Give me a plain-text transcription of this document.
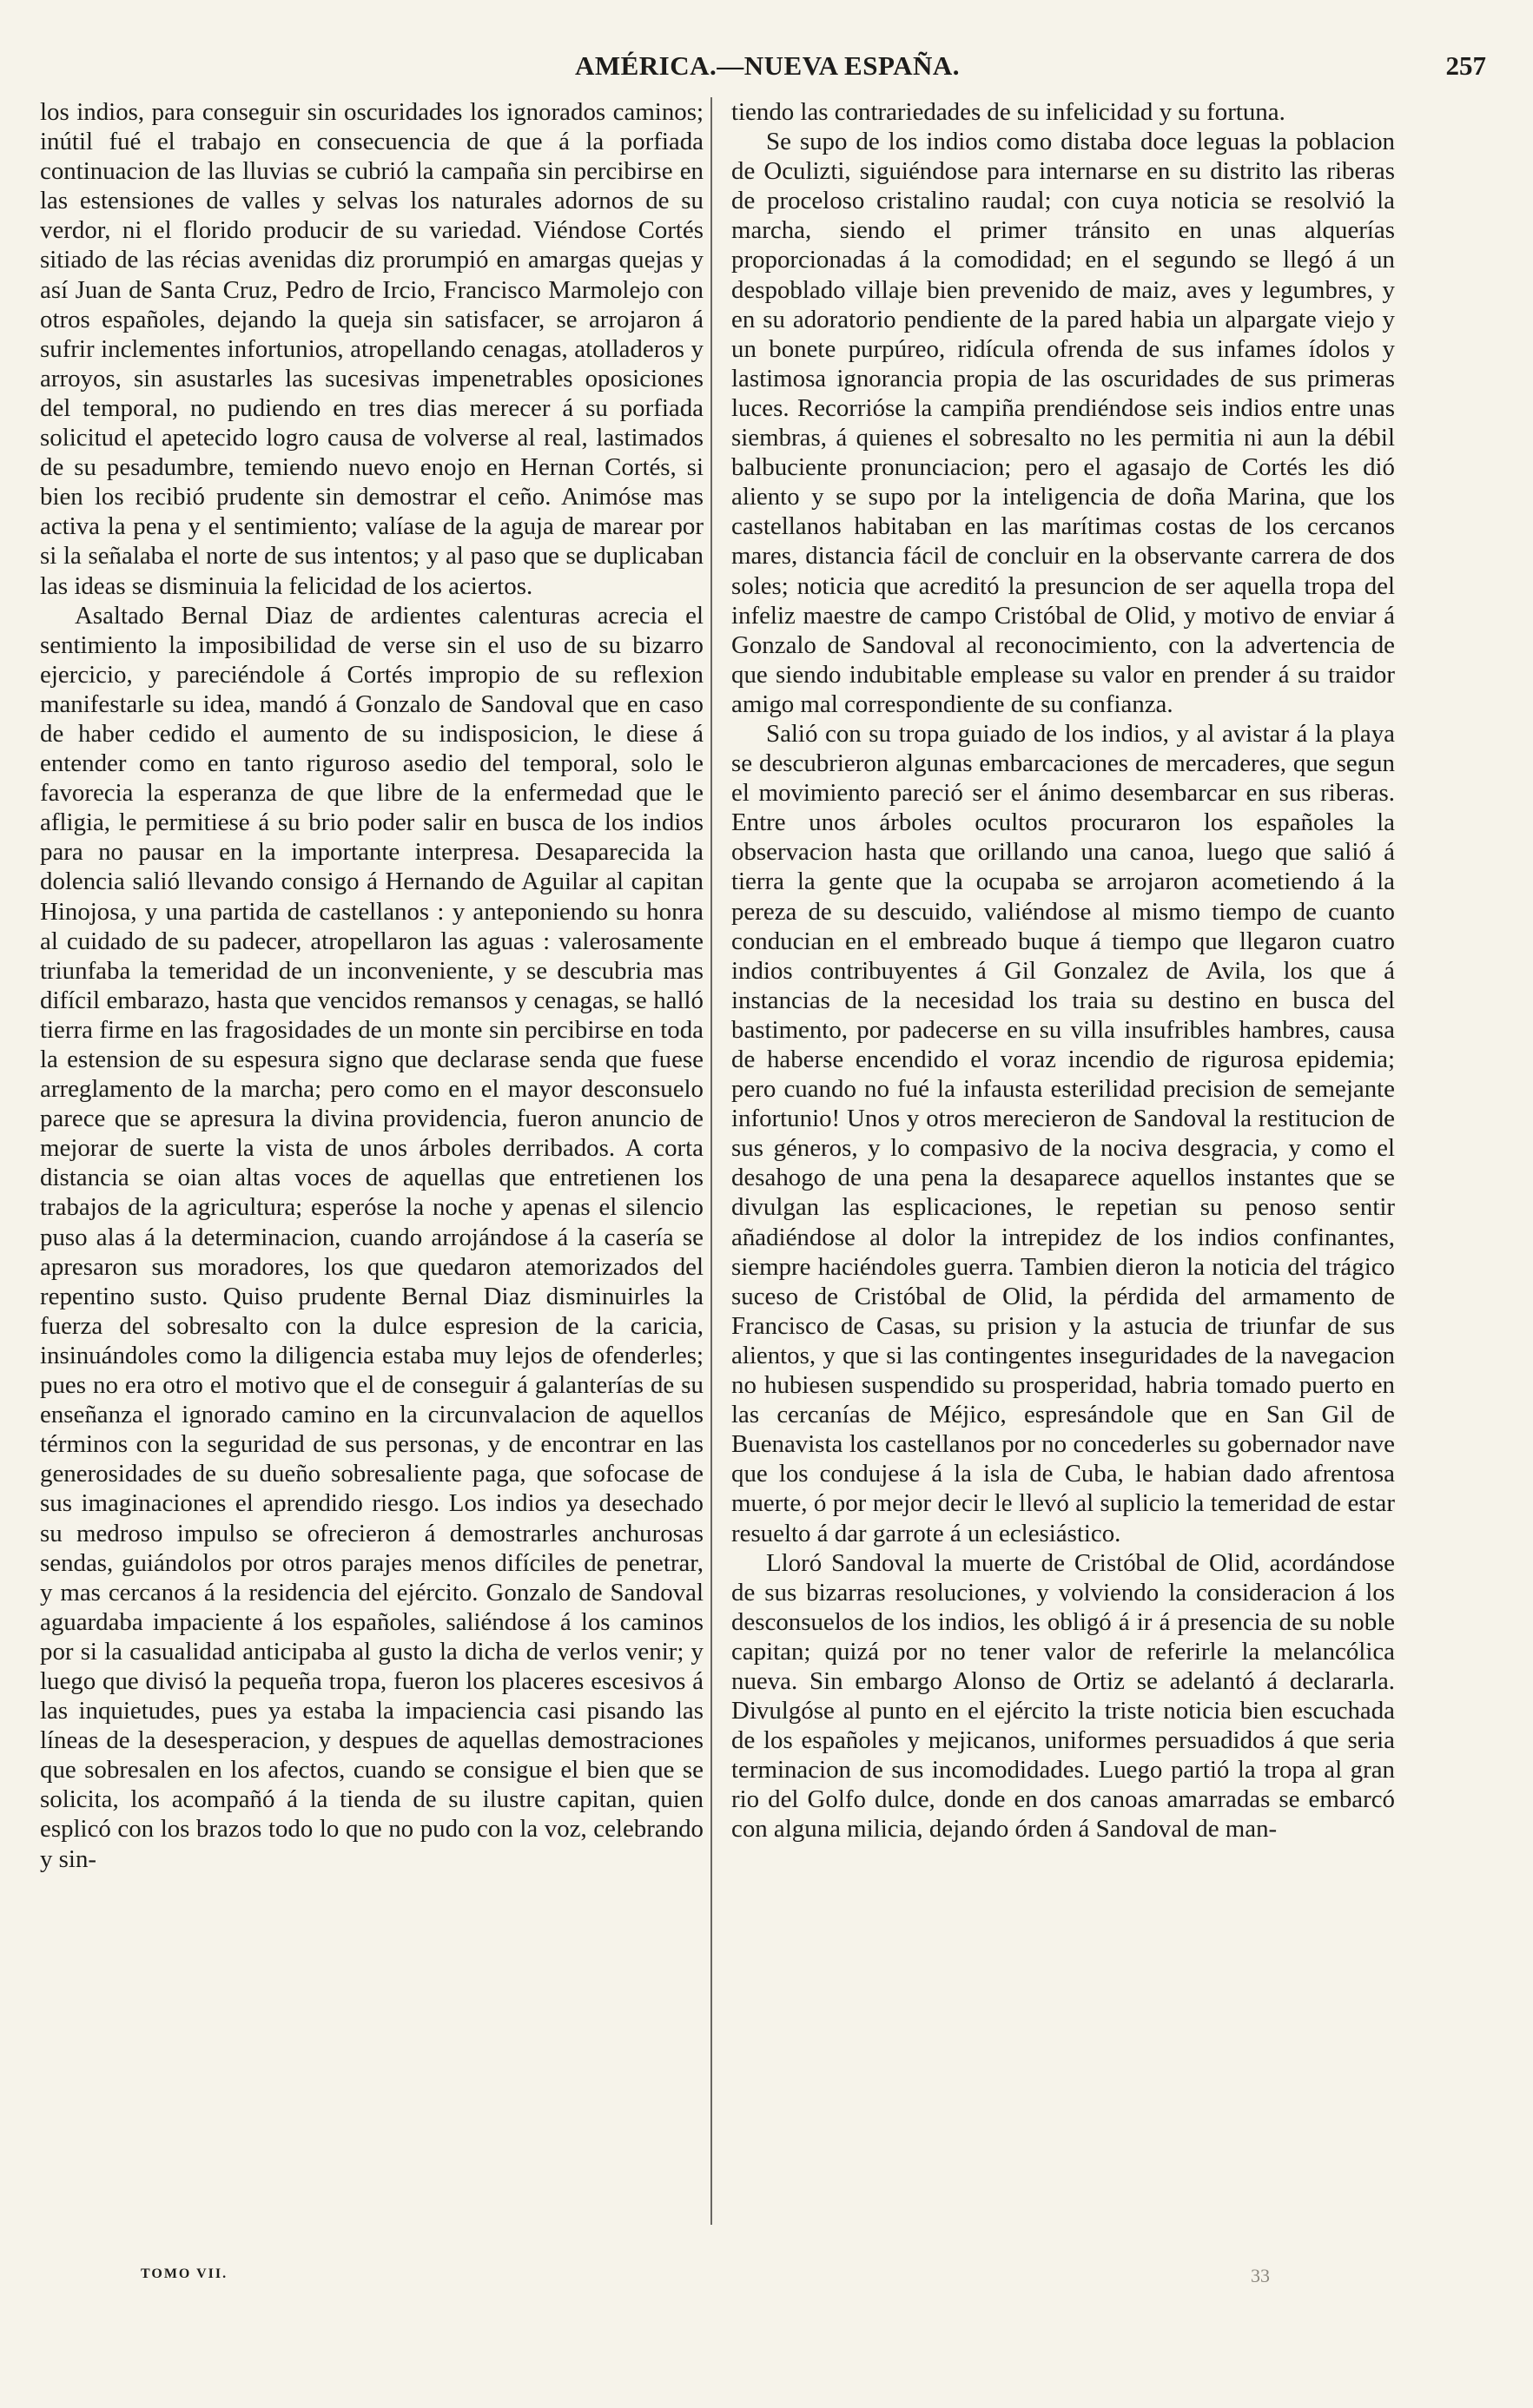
AMÉRICA.—NUEVA ESPAÑA.	257

los indios, para conseguir sin oscuridades los ignorados caminos; inútil fué el trabajo en consecuencia de que á la porfiada continuacion de las lluvias se cubrió la campaña sin percibirse en las estensiones de valles y selvas los naturales adornos de su verdor, ni el florido producir de su variedad. Viéndose Cortés sitiado de las récias avenidas diz prorumpió en amargas quejas y así Juan de Santa Cruz, Pedro de Ircio, Francisco Marmolejo con otros españoles, dejando la queja sin satisfacer, se arrojaron á sufrir inclementes infortunios, atropellando cenagas, atolladeros y arroyos, sin asustarles las sucesivas impenetrables oposiciones del temporal, no pudiendo en tres dias merecer á su porfiada solicitud el apetecido logro causa de volverse al real, lastimados de su pesadumbre, temiendo nuevo enojo en Hernan Cortés, si bien los recibió prudente sin demostrar el ceño. Animóse mas activa la pena y el sentimiento; valíase de la aguja de marear por si la señalaba el norte de sus intentos; y al paso que se duplicaban las ideas se disminuia la felicidad de los aciertos.

Asaltado Bernal Diaz de ardientes calenturas acrecia el sentimiento la imposibilidad de verse sin el uso de su bizarro ejercicio, y pareciéndole á Cortés impropio de su reflexion manifestarle su idea, mandó á Gonzalo de Sandoval que en caso de haber cedido el aumento de su indisposicion, le diese á entender como en tanto riguroso asedio del temporal, solo le favorecia la esperanza de que libre de la enfermedad que le afligia, le permitiese á su brio poder salir en busca de los indios para no pausar en la importante interpresa. Desaparecida la dolencia salió llevando consigo á Hernando de Aguilar al capitan Hinojosa, y una partida de castellanos : y anteponiendo su honra al cuidado de su padecer, atropellaron las aguas : valerosamente triunfaba la temeridad de un inconveniente, y se descubria mas difícil embarazo, hasta que vencidos remansos y cenagas, se halló tierra firme en las fragosidades de un monte sin percibirse en toda la estension de su espesura signo que declarase senda que fuese arreglamento de la marcha; pero como en el mayor desconsuelo parece que se apresura la divina providencia, fueron anuncio de mejorar de suerte la vista de unos árboles derribados. A corta distancia se oian altas voces de aquellas que entretienen los trabajos de la agricultura; esperóse la noche y apenas el silencio puso alas á la determinacion, cuando arrojándose á la casería se apresaron sus moradores, los que quedaron atemorizados del repentino susto. Quiso prudente Bernal Diaz disminuirles la fuerza del sobresalto con la dulce espresion de la caricia, insinuándoles como la diligencia estaba muy lejos de ofenderles; pues no era otro el motivo que el de conseguir á galanterías de su enseñanza el ignorado camino en la circunvalacion de aquellos términos con la seguridad de sus personas, y de encontrar en las generosidades de su dueño sobresaliente paga, que sofocase de sus imaginaciones el aprendido riesgo. Los indios ya desechado su medroso impulso se ofrecieron á demostrarles anchurosas sendas, guiándolos por otros parajes menos difíciles de penetrar, y mas cercanos á la residencia del ejército. Gonzalo de Sandoval aguardaba impaciente á los españoles, saliéndose á los caminos por si la casualidad anticipaba al gusto la dicha de verlos venir; y luego que divisó la pequeña tropa, fueron los placeres escesivos á las inquietudes, pues ya estaba la impaciencia casi pisando las líneas de la desesperacion, y despues de aquellas demostraciones que sobresalen en los afectos, cuando se consigue el bien que se solicita, los acompañó á la tienda de su ilustre capitan, quien esplicó con los brazos todo lo que no pudo con la voz, celebrando y sin-

tiendo las contrariedades de su infelicidad y su fortuna.

Se supo de los indios como distaba doce leguas la poblacion de Oculizti, siguiéndose para internarse en su distrito las riberas de proceloso cristalino raudal; con cuya noticia se resolvió la marcha, siendo el primer tránsito en unas alquerías proporcionadas á la comodidad; en el segundo se llegó á un despoblado villaje bien prevenido de maiz, aves y legumbres, y en su adoratorio pendiente de la pared habia un alpargate viejo y un bonete purpúreo, ridícula ofrenda de sus infames ídolos y lastimosa ignorancia propia de las oscuridades de sus primeras luces. Recorrióse la campiña prendiéndose seis indios entre unas siembras, á quienes el sobresalto no les permitia ni aun la débil balbuciente pronunciacion; pero el agasajo de Cortés les dió aliento y se supo por la inteligencia de doña Marina, que los castellanos habitaban en las marítimas costas de los cercanos mares, distancia fácil de concluir en la observante carrera de dos soles; noticia que acreditó la presuncion de ser aquella tropa del infeliz maestre de campo Cristóbal de Olid, y motivo de enviar á Gonzalo de Sandoval al reconocimiento, con la advertencia de que siendo indubitable emplease su valor en prender á su traidor amigo mal correspondiente de su confianza.

Salió con su tropa guiado de los indios, y al avistar á la playa se descubrieron algunas embarcaciones de mercaderes, que segun el movimiento pareció ser el ánimo desembarcar en sus riberas. Entre unos árboles ocultos procuraron los españoles la observacion hasta que orillando una canoa, luego que salió á tierra la gente que la ocupaba se arrojaron acometiendo á la pereza de su descuido, valiéndose al mismo tiempo de cuanto conducian en el embreado buque á tiempo que llegaron cuatro indios contribuyentes á Gil Gonzalez de Avila, los que á instancias de la necesidad los traia su destino en busca del bastimento, por padecerse en su villa insufribles hambres, causa de haberse encendido el voraz incendio de rigurosa epidemia; pero cuando no fué la infausta esterilidad precision de semejante infortunio! Unos y otros merecieron de Sandoval la restitucion de sus géneros, y lo compasivo de la nociva desgracia, y como el desahogo de una pena la desaparece aquellos instantes que se divulgan las esplicaciones, le repetian su penoso sentir añadiéndose al dolor la intrepidez de los indios confinantes, siempre haciéndoles guerra. Tambien dieron la noticia del trágico suceso de Cristóbal de Olid, la pérdida del armamento de Francisco de Casas, su prision y la astucia de triunfar de sus alientos, y que si las contingentes inseguridades de la navegacion no hubiesen suspendido su prosperidad, habria tomado puerto en las cercanías de Méjico, espresándole que en San Gil de Buenavista los castellanos por no concederles su gobernador nave que los condujese á la isla de Cuba, le habian dado afrentosa muerte, ó por mejor decir le llevó al suplicio la temeridad de estar resuelto á dar garrote á un eclesiástico.

Lloró Sandoval la muerte de Cristóbal de Olid, acordándose de sus bizarras resoluciones, y volviendo la consideracion á los desconsuelos de los indios, les obligó á ir á presencia de su noble capitan; quizá por no tener valor de referirle la melancólica nueva. Sin embargo Alonso de Ortiz se adelantó á declararla. Divulgóse al punto en el ejército la triste noticia bien escuchada de los españoles y mejicanos, uniformes persuadidos á que seria terminacion de sus incomodidades. Luego partió la tropa al gran rio del Golfo dulce, donde en dos canoas amarradas se embarcó con alguna milicia, dejando órden á Sandoval de man-

TOMO VII.	33
